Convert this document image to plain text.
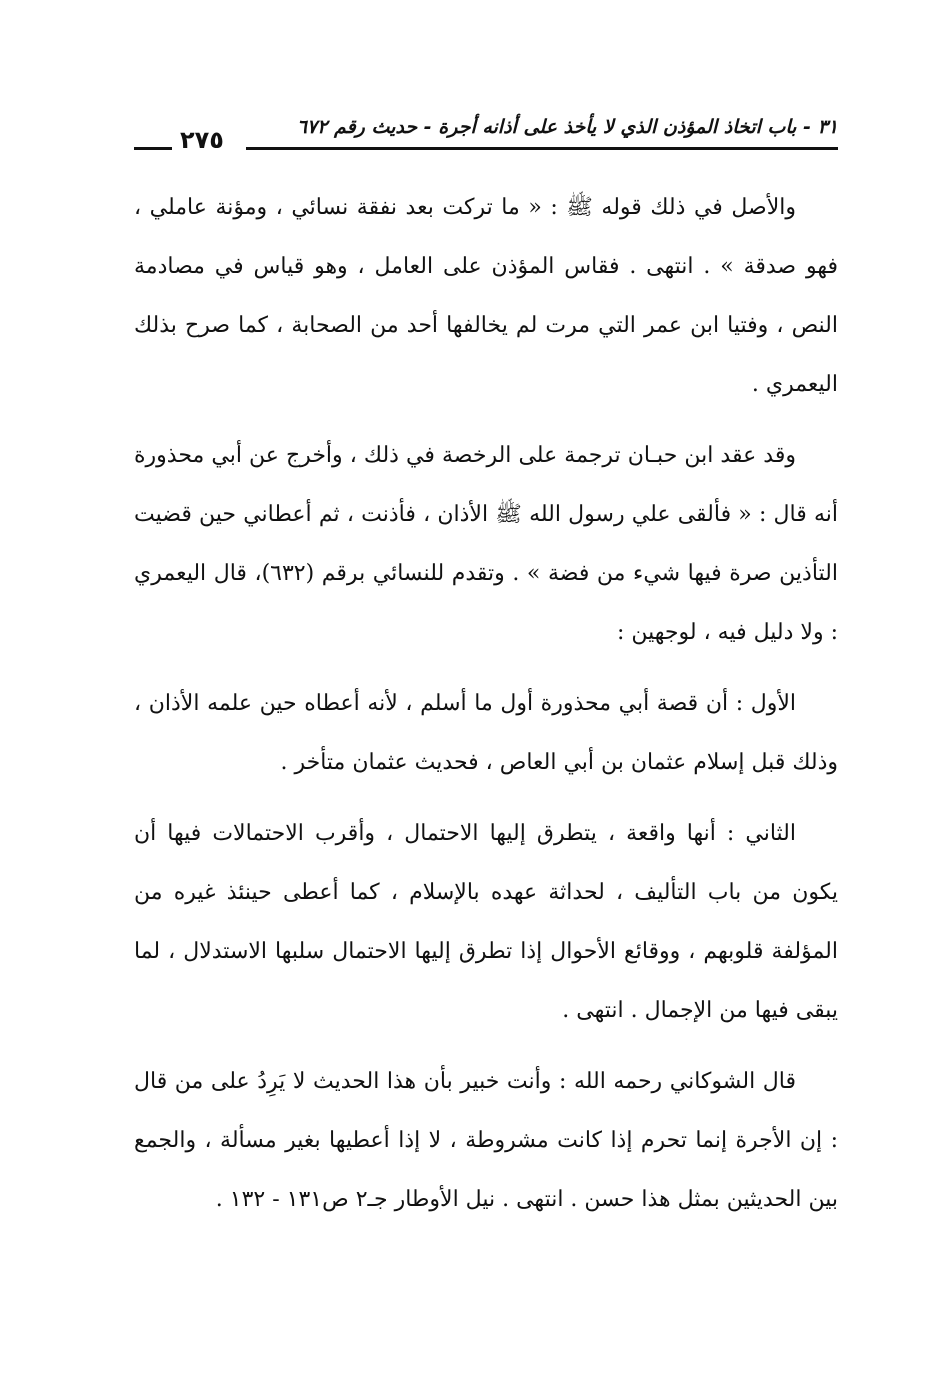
٣١ - باب اتخاذ المؤذن الذي لا يأخذ على أذانه أجرة - حديث رقم ٦٧٢
٢٧٥

والأصل في ذلك قوله ﷺ : « ما تركت بعد نفقة نسائي ، ومؤنة عاملي ، فهو صدقة » . انتهى . فقاس المؤذن على العامل ، وهو قياس في مصادمة النص ، وفتيا ابن عمر التي مرت لم يخالفها أحد من الصحابة ، كما صرح بذلك اليعمري .

وقد عقد ابن حبـان ترجمة على الرخصة في ذلك ، وأخرج عن أبي محذورة أنه قال : « فألقى علي رسول الله ﷺ الأذان ، فأذنت ، ثم أعطاني حين قضيت التأذين صرة فيها شيء من فضة » . وتقدم للنسائي برقم (٦٣٢)، قال اليعمري : ولا دليل فيه ، لوجهين :

الأول : أن قصة أبي محذورة أول ما أسلم ، لأنه أعطاه حين علمه الأذان ، وذلك قبل إسلام عثمان بن أبي العاص ، فحديث عثمان متأخر .

الثاني : أنها واقعة ، يتطرق إليها الاحتمال ، وأقرب الاحتمالات فيها أن يكون من باب التأليف ، لحداثة عهده بالإسلام ، كما أعطى حينئذ غيره من المؤلفة قلوبهم ، ووقائع الأحوال إذا تطرق إليها الاحتمال سلبها الاستدلال ، لما يبقى فيها من الإجمال . انتهى .

قال الشوكاني رحمه الله : وأنت خبير بأن هذا الحديث لا يَرِدُ على من قال : إن الأجرة إنما تحرم إذا كانت مشروطة ، لا إذا أعطيها بغير مسألة ، والجمع بين الحديثين بمثل هذا حسن . انتهى . نيل الأوطار جـ٢ ص١٣١ - ١٣٢ .
